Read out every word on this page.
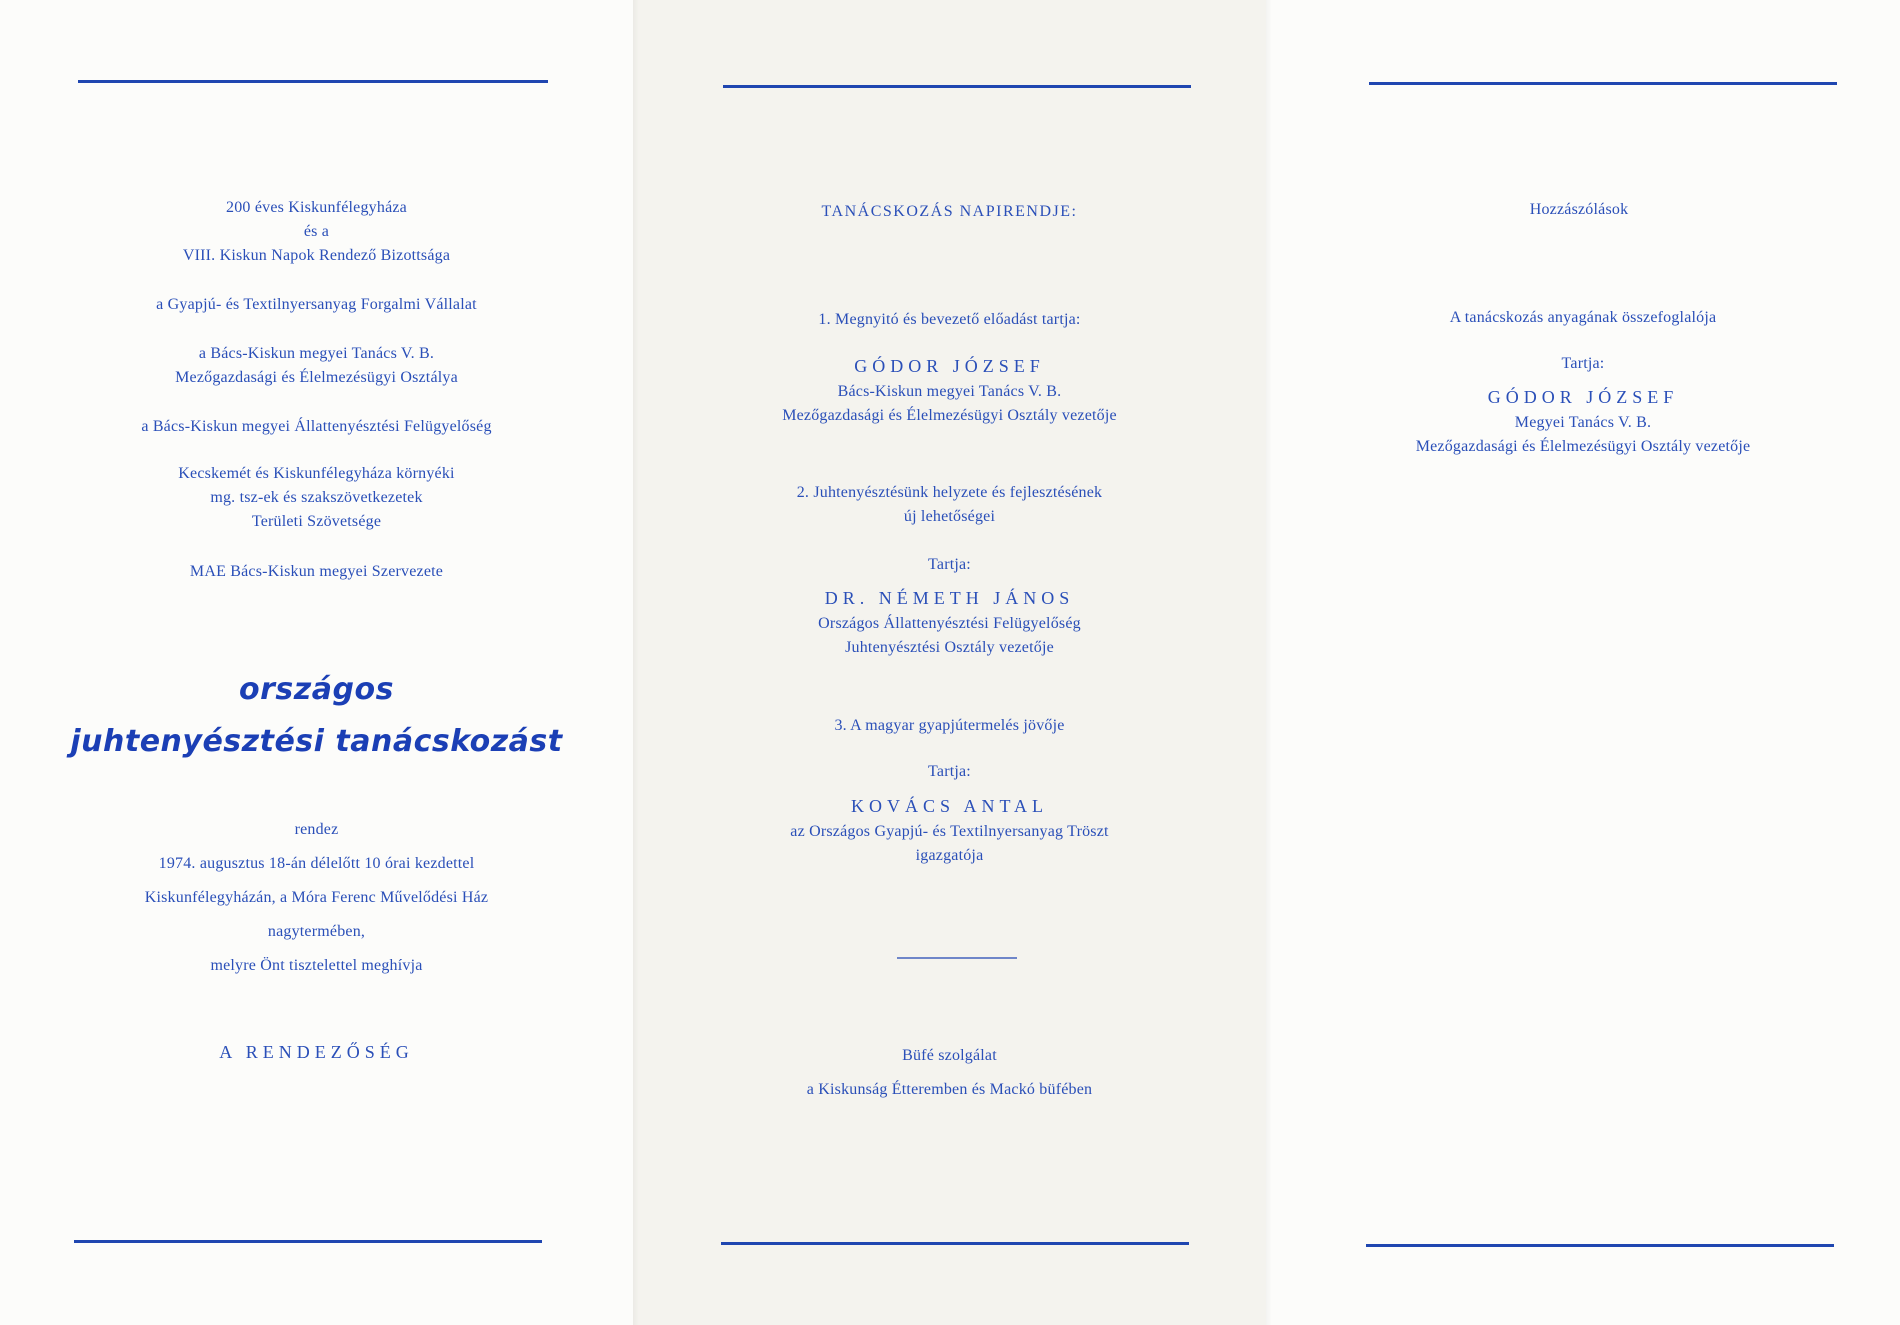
200 éves Kiskunfélegyháza
és a
VIII. Kiskun Napok Rendező Bizottsága
a Gyapjú- és Textilnyersanyag Forgalmi Vállalat
a Bács-Kiskun megyei Tanács V. B.
Mezőgazdasági és Élelmezésügyi Osztálya
a Bács-Kiskun megyei Állattenyésztési Felügyelőség
Kecskemét és Kiskunfélegyháza környéki
mg. tsz-ek és szakszövetkezetek
Területi Szövetsége
MAE Bács-Kiskun megyei Szervezete
országos
juhtenyésztési tanácskozást
rendez
1974. augusztus 18-án délelőtt 10 órai kezdettel
Kiskunfélegyházán, a Móra Ferenc Művelődési Ház
nagytermében,
melyre Önt tisztelettel meghívja
A RENDEZŐSÉG
TANÁCSKOZÁS NAPIRENDJE:
1. Megnyitó és bevezető előadást tartja:
GÓDOR JÓZSEF
Bács-Kiskun megyei Tanács V. B.
Mezőgazdasági és Élelmezésügyi Osztály vezetője
2. Juhtenyésztésünk helyzete és fejlesztésének
új lehetőségei
Tartja:
DR. NÉMETH JÁNOS
Országos Állattenyésztési Felügyelőség
Juhtenyésztési Osztály vezetője
3. A magyar gyapjútermelés jövője
Tartja:
KOVÁCS ANTAL
az Országos Gyapjú- és Textilnyersanyag Tröszt
igazgatója
Büfé szolgálat
a Kiskunság Étteremben és Mackó büfében
Hozzászólások
A tanácskozás anyagának összefoglalója
Tartja:
GÓDOR JÓZSEF
Megyei Tanács V. B.
Mezőgazdasági és Élelmezésügyi Osztály vezetője
